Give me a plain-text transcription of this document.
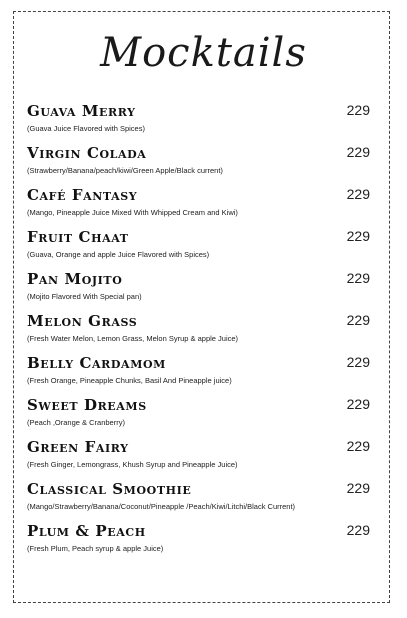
Mocktails
Guava Merry	229
(Guava Juice Flavored with Spices)
Virgin Colada	229
(Strawberry/Banana/peach/kiwi/Green Apple/Black current)
Café Fantasy	229
(Mango, Pineapple Juice Mixed With Whipped Cream and Kiwi)
Fruit Chaat	229
(Guava, Orange and apple Juice Flavored with Spices)
Pan Mojito	229
(Mojito Flavored With Special pan)
Melon Grass	229
(Fresh Water Melon, Lemon Grass, Melon Syrup & apple Juice)
Belly Cardamom	229
(Fresh Orange, Pineapple Chunks, Basil And Pineapple juice)
Sweet Dreams	229
(Peach ,Orange & Cranberry)
Green Fairy	229
(Fresh Ginger, Lemongrass, Khush Syrup and Pineapple Juice)
Classical Smoothie	229
(Mango/Strawberry/Banana/Coconut/Pineapple /Peach/Kiwi/Litchi/Black Current)
Plum & Peach	229
(Fresh Plum, Peach syrup & apple Juice)
